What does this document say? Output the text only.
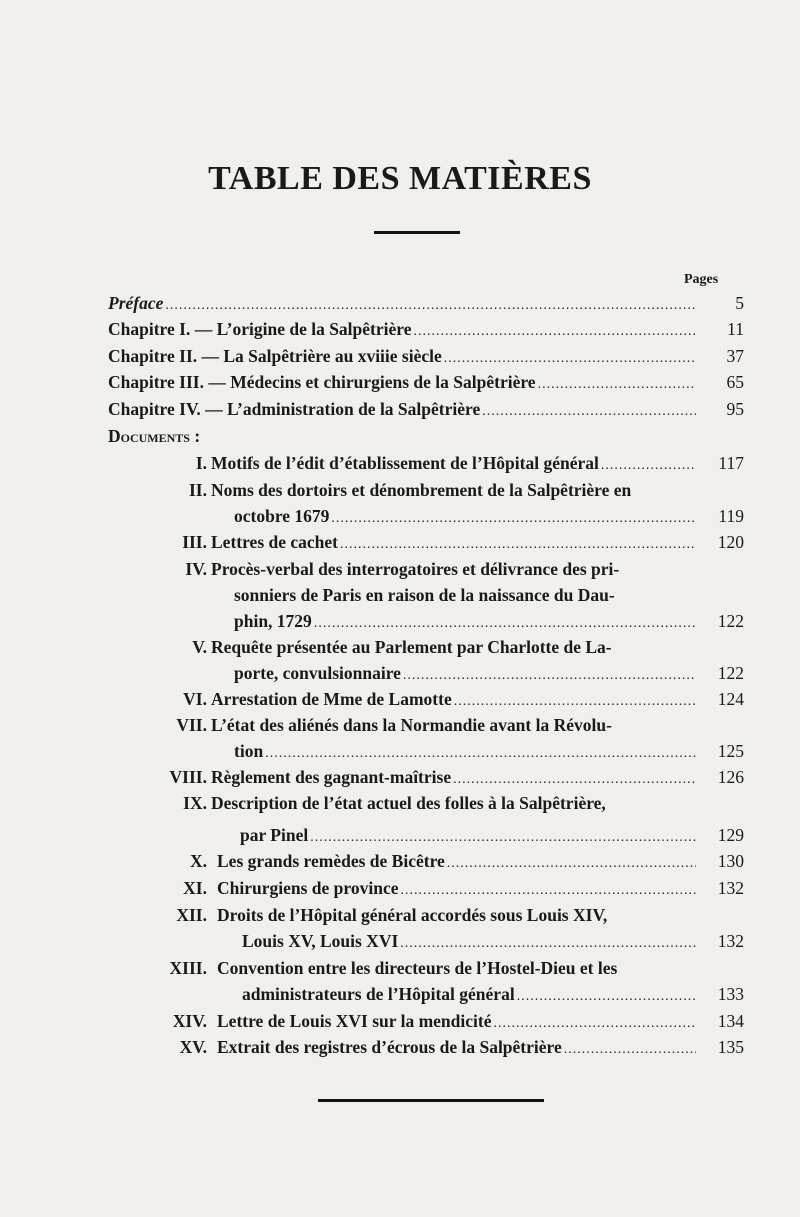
TABLE DES MATIÈRES
Pages
Préface .....	5
Chapitre I. — L’origine de la Salpêtrière .....	11
Chapitre II. — La Salpêtrière au xviiie siècle .....	37
Chapitre III. — Médecins et chirurgiens de la Salpêtrière .....	65
Chapitre IV. — L’administration de la Salpêtrière .....	95
Documents :
I. Motifs de l’édit d’établissement de l’Hôpital général .....	117
II. Noms des dortoirs et dénombrement de la Salpêtrière en
octobre 1679 .....	119
III. Lettres de cachet .....	120
IV. Procès-verbal des interrogatoires et délivrance des pri-
sonniers de Paris en raison de la naissance du Dau-
phin, 1729 .....	122
V. Requête présentée au Parlement par Charlotte de La-
porte, convulsionnaire .....	122
VI. Arrestation de Mme de Lamotte .....	124
VII. L’état des aliénés dans la Normandie avant la Révolu-
tion .....	125
VIII. Règlement des gagnant-maîtrise .....	126
IX. Description de l’état actuel des folles à la Salpêtrière,
par Pinel .....	129
X. Les grands remèdes de Bicêtre .....	130
XI. Chirurgiens de province .....	132
XII. Droits de l’Hôpital général accordés sous Louis XIV,
Louis XV, Louis XVI .....	132
XIII. Convention entre les directeurs de l’Hostel-Dieu et les
administrateurs de l’Hôpital général .....	133
XIV. Lettre de Louis XVI sur la mendicité .....	134
XV. Extrait des registres d’écrous de la Salpêtrière .....	135
